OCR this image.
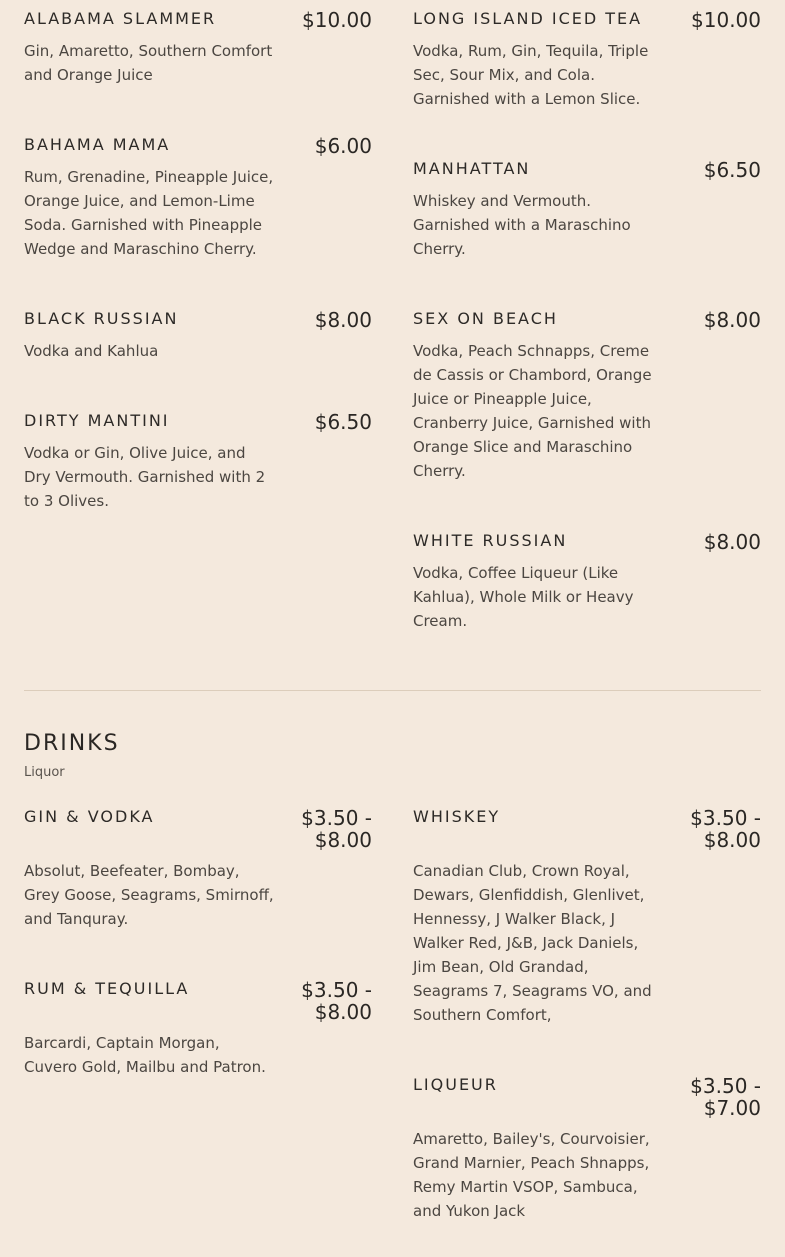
ALABAMA SLAMMER	$10.00
Gin, Amaretto, Southern Comfort and Orange Juice
BAHAMA MAMA	$6.00
Rum, Grenadine, Pineapple Juice, Orange Juice, and Lemon-Lime Soda. Garnished with Pineapple Wedge and Maraschino Cherry.
BLACK RUSSIAN	$8.00
Vodka and Kahlua
DIRTY MANTINI	$6.50
Vodka or Gin, Olive Juice, and Dry Vermouth. Garnished with 2 to 3 Olives.
LONG ISLAND ICED TEA	$10.00
Vodka, Rum, Gin, Tequila, Triple Sec, Sour Mix, and Cola. Garnished with a Lemon Slice.
MANHATTAN	$6.50
Whiskey and Vermouth. Garnished with a Maraschino Cherry.
SEX ON BEACH	$8.00
Vodka, Peach Schnapps, Creme de Cassis or Chambord, Orange Juice or Pineapple Juice, Cranberry Juice, Garnished with Orange Slice and Maraschino Cherry.
WHITE RUSSIAN	$8.00
Vodka, Coffee Liqueur (Like Kahlua), Whole Milk or Heavy Cream.
DRINKS
Liquor
GIN & VODKA	$3.50 - $8.00
Absolut, Beefeater, Bombay, Grey Goose, Seagrams, Smirnoff, and Tanquray.
RUM & TEQUILLA	$3.50 - $8.00
Barcardi, Captain Morgan, Cuvero Gold, Mailbu and Patron.
WHISKEY	$3.50 - $8.00
Canadian Club, Crown Royal, Dewars, Glenfiddish, Glenlivet, Hennessy, J Walker Black, J Walker Red, J&B, Jack Daniels, Jim Bean, Old Grandad, Seagrams 7, Seagrams VO, and Southern Comfort,
LIQUEUR	$3.50 - $7.00
Amaretto, Bailey's, Courvoisier, Grand Marnier, Peach Shnapps, Remy Martin VSOP, Sambuca, and Yukon Jack
